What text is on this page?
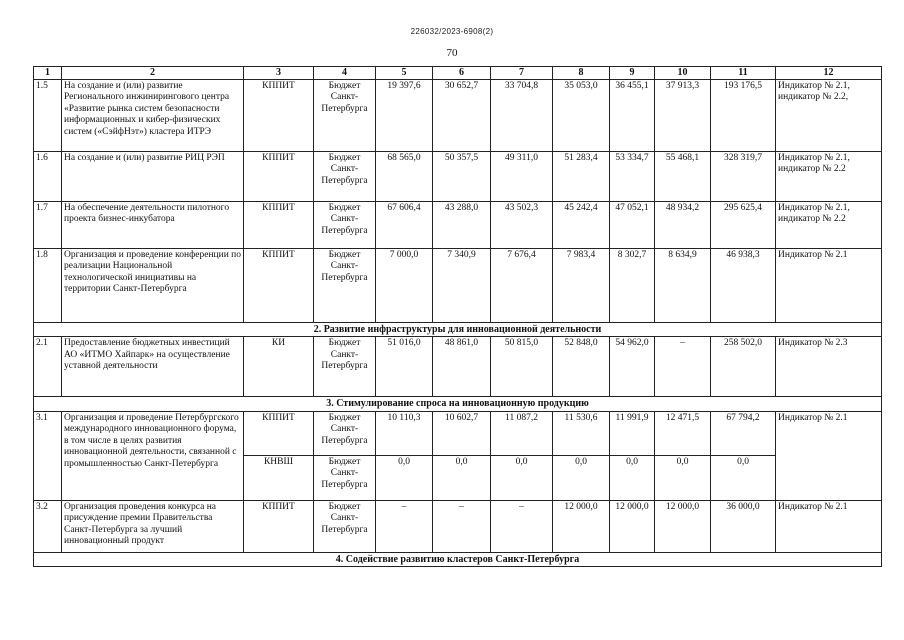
226032/2023-6908(2)
70
1	2	3	4	5	6	7	8	9	10	11	12
1.5	На создание и (или) развитие Регионального инжинирингового центра «Развитие рынка систем безопасности информационных и кибер-физических систем («СэйфНэт») кластера ИТРЭ	КППИТ	Бюджет Санкт-Петербурга	19 397,6	30 652,7	33 704,8	35 053,0	36 455,1	37 913,3	193 176,5	Индикатор № 2.1, индикатор № 2.2,
1.6	На создание и (или) развитие РИЦ РЭП	КППИТ	Бюджет Санкт-Петербурга	68 565,0	50 357,5	49 311,0	51 283,4	53 334,7	55 468,1	328 319,7	Индикатор № 2.1, индикатор № 2.2
1.7	На обеспечение деятельности пилотного проекта бизнес-инкубатора	КППИТ	Бюджет Санкт-Петербурга	67 606,4	43 288,0	43 502,3	45 242,4	47 052,1	48 934,2	295 625,4	Индикатор № 2.1, индикатор № 2.2
1.8	Организация и проведение конференции по реализации Национальной технологической инициативы на территории Санкт-Петербурга	КППИТ	Бюджет Санкт-Петербурга	7 000,0	7 340,9	7 676,4	7 983,4	8 302,7	8 634,9	46 938,3	Индикатор № 2.1
2. Развитие инфраструктуры для инновационной деятельности											
2.1	Предоставление бюджетных инвестиций АО «ИТМО Хайпарк» на осуществление уставной деятельности	КИ	Бюджет Санкт-Петербурга	51 016,0	48 861,0	50 815,0	52 848,0	54 962,0	–	258 502,0	Индикатор № 2.3
3. Стимулирование спроса на инновационную продукцию											
3.1	Организация и проведение Петербургского международного инновационного форума, в том числе в целях развития инновационной деятельности, связанной с промышленностью Санкт-Петербурга	КППИТ	Бюджет Санкт-Петербурга	10 110,3	10 602,7	11 087,2	11 530,6	11 991,9	12 471,5	67 794,2	Индикатор № 2.1
		КНВШ	Бюджет Санкт-Петербурга	0,0	0,0	0,0	0,0	0,0	0,0	0,0	
3.2	Организация проведения конкурса на присуждение премии Правительства Санкт-Петербурга за лучший инновационный продукт	КППИТ	Бюджет Санкт-Петербурга	–	–	–	12 000,0	12 000,0	12 000,0	36 000,0	Индикатор № 2.1
4. Содействие развитию кластеров Санкт-Петербурга											
